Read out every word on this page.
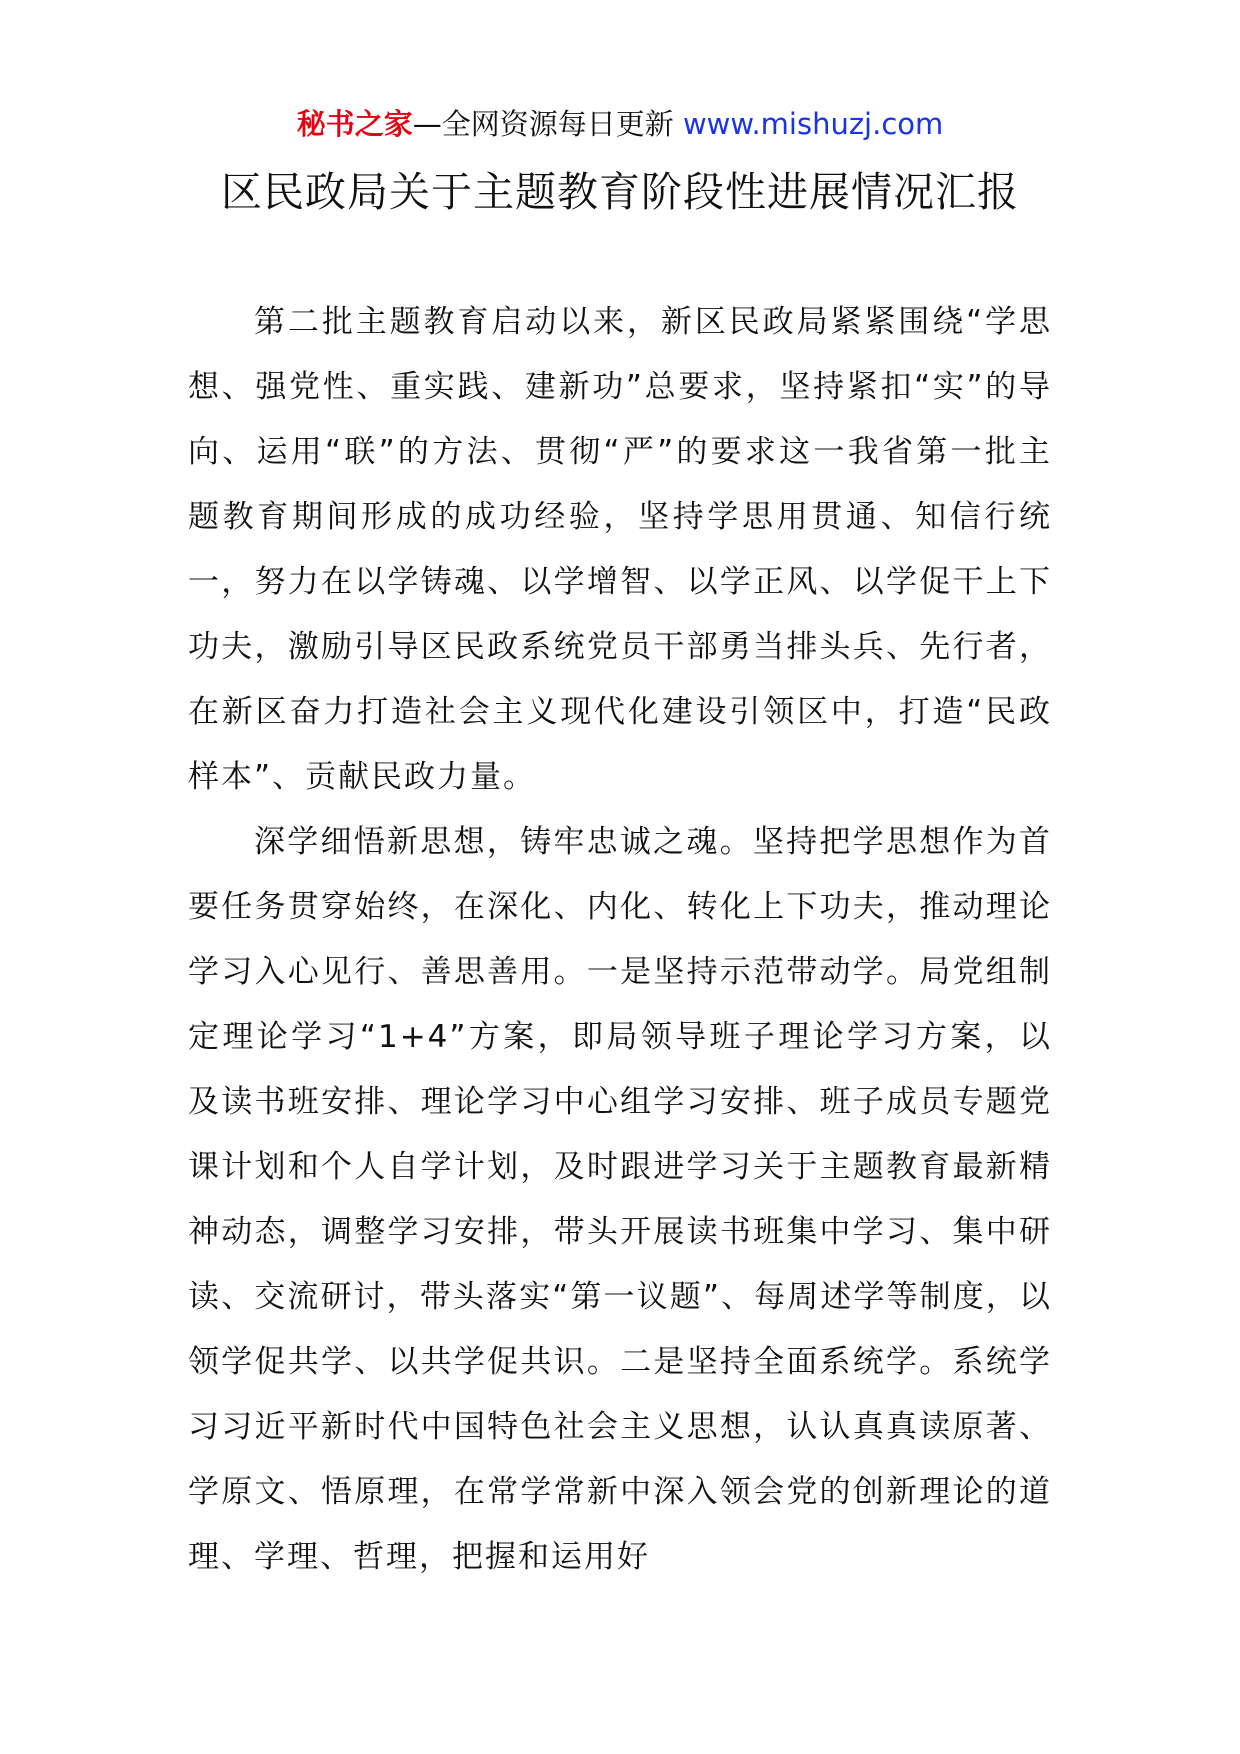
秘书之家—全网资源每日更新 www.mishuzj.com
区民政局关于主题教育阶段性进展情况汇报

第二批主题教育启动以来，新区民政局紧紧围绕“学思想、强党性、重实践、建新功”总要求，坚持紧扣“实”的导向、运用“联”的方法、贯彻“严”的要求这一我省第一批主题教育期间形成的成功经验，坚持学思用贯通、知信行统一，努力在以学铸魂、以学增智、以学正风、以学促干上下功夫，激励引导区民政系统党员干部勇当排头兵、先行者，在新区奋力打造社会主义现代化建设引领区中，打造“民政样本”、贡献民政力量。

深学细悟新思想，铸牢忠诚之魂。坚持把学思想作为首要任务贯穿始终，在深化、内化、转化上下功夫，推动理论学习入心见行、善思善用。一是坚持示范带动学。局党组制定理论学习“1+4”方案，即局领导班子理论学习方案，以及读书班安排、理论学习中心组学习安排、班子成员专题党课计划和个人自学计划，及时跟进学习关于主题教育最新精神动态，调整学习安排，带头开展读书班集中学习、集中研读、交流研讨，带头落实“第一议题”、每周述学等制度，以领学促共学、以共学促共识。二是坚持全面系统学。系统学习习近平新时代中国特色社会主义思想，认认真真读原著、学原文、悟原理，在常学常新中深入领会党的创新理论的道理、学理、哲理，把握和运用好
